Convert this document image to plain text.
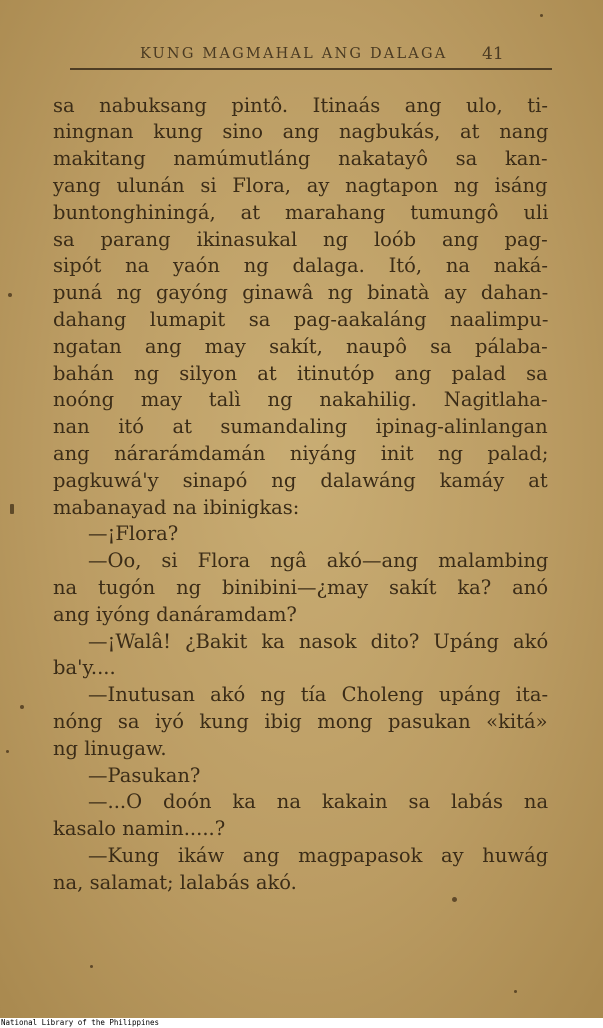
KUNG MAGMAHAL ANG DALAGA 41
sa nabuksang pintô. Itinaás ang ulo, ti-
ningnan kung sino ang nagbukás, at nang
makitang namúmutláng nakatayô sa kan-
yang ulunán si Flora, ay nagtapon ng isáng
buntonghiningá, at marahang tumungô uli
sa parang ikinasukal ng loób ang pag-
sipót na yaón ng dalaga. Itó, na naká-
puná ng gayóng ginawâ ng binatà ay dahan-
dahang lumapit sa pag-aakaláng naalimpu-
ngatan ang may sakít, naupô sa pálaba-
bahán ng silyon at itinutóp ang palad sa
noóng may talì ng nakahilig. Nagitlaha-
nan itó at sumandaling ipinag-alinlangan
ang nárarámdamán niyáng init ng palad;
pagkuwá'y sinapó ng dalawáng kamáy at
mabanayad na ibinigkas:
—¡Flora?
—Oo, si Flora ngâ akó—ang malambing
na tugón ng binibini—¿may sakít ka? anó
ang iyóng danáramdam?
—¡Walâ! ¿Bakit ka nasok dito? Upáng akó
ba'y....
—Inutusan akó ng tía Choleng upáng ita-
nóng sa iyó kung ibig mong pasukan «kitá»
ng linugaw.
—Pasukan?
—...O doón ka na kakain sa labás na
kasalo namin.....?
—Kung ikáw ang magpapasok ay huwág
na, salamat; lalabás akó.
National Library of the Philippines
